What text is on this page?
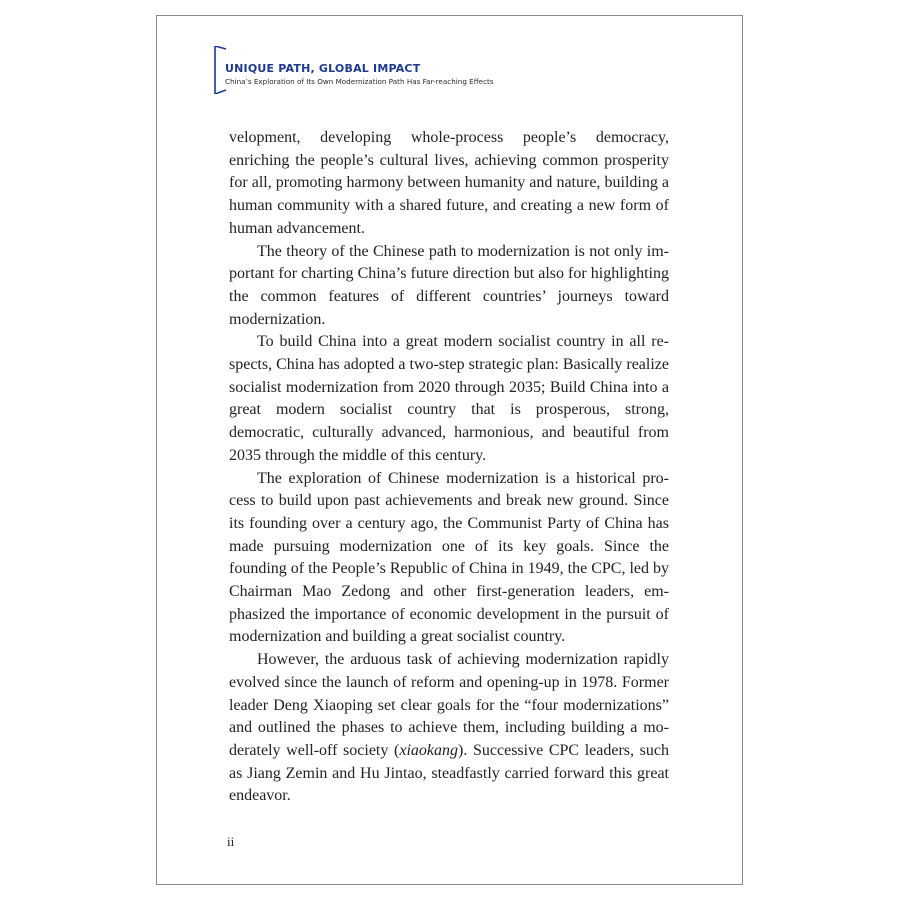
UNIQUE PATH, GLOBAL IMPACT
China’s Exploration of Its Own Modernization Path Has Far-reaching Effects

velopment, developing whole-process people’s democracy, enriching the people’s cultural lives, achieving common prosperity for all, promoting harmony between humanity and nature, building a human community with a shared future, and creating a new form of human advancement.

The theory of the Chinese path to modernization is not only important for charting China’s future direction but also for highlighting the common features of different countries’ journeys toward modernization.

To build China into a great modern socialist country in all respects, China has adopted a two-step strategic plan: Basically realize socialist modernization from 2020 through 2035; Build China into a great modern socialist country that is prosperous, strong, democratic, culturally advanced, harmonious, and beautiful from 2035 through the middle of this century.

The exploration of Chinese modernization is a historical process to build upon past achievements and break new ground. Since its founding over a century ago, the Communist Party of China has made pursuing modernization one of its key goals. Since the founding of the People’s Republic of China in 1949, the CPC, led by Chairman Mao Zedong and other first-generation leaders, emphasized the importance of economic development in the pursuit of modernization and building a great socialist country.

However, the arduous task of achieving modernization rapidly evolved since the launch of reform and opening-up in 1978. Former leader Deng Xiaoping set clear goals for the “four modernizations” and outlined the phases to achieve them, including building a moderately well-off society (xiaokang). Successive CPC leaders, such as Jiang Zemin and Hu Jintao, steadfastly carried forward this great endeavor.

ii
